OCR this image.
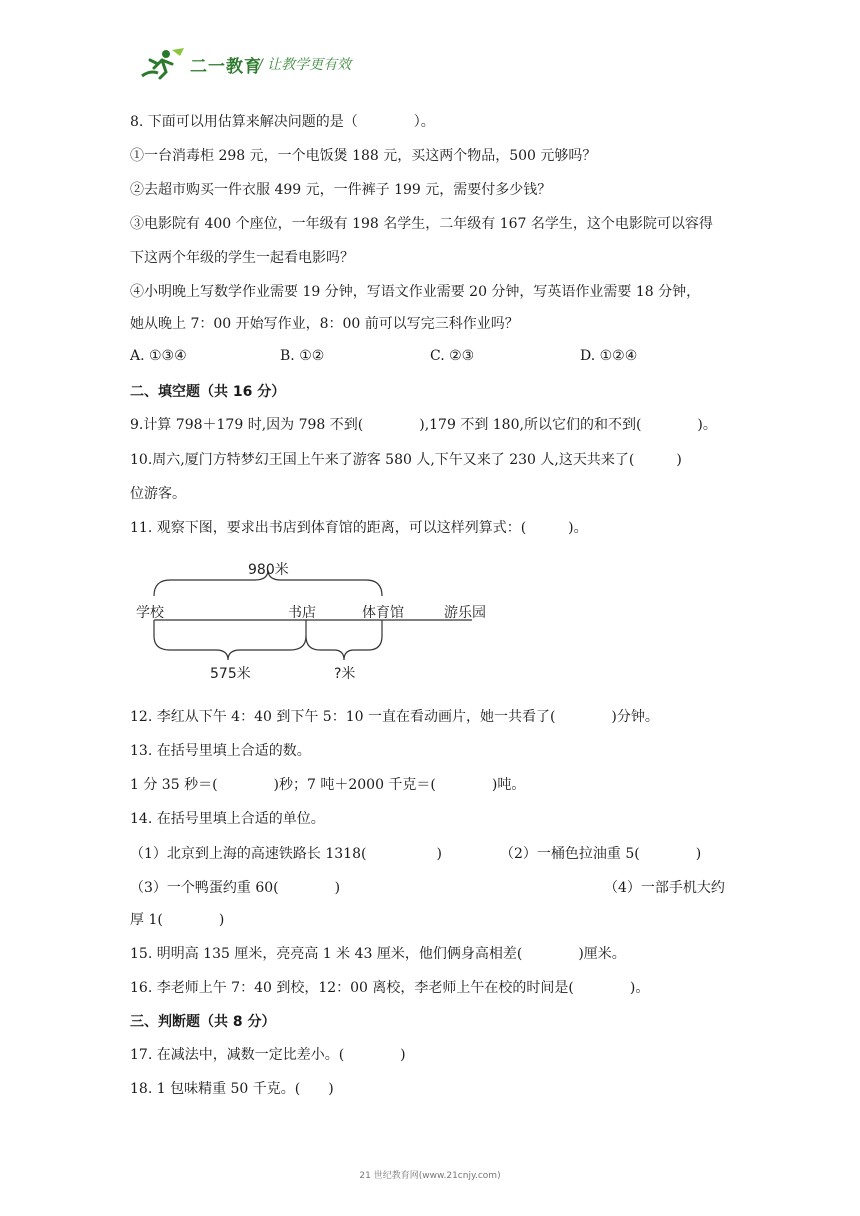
二一教育
/ 让教学更有效
8. 下面可以用估算来解决问题的是（　　　　）。
①一台消毒柜 298 元，一个电饭煲 188 元，买这两个物品，500 元够吗？
②去超市购买一件衣服 499 元，一件裤子 199 元，需要付多少钱？
③电影院有 400 个座位，一年级有 198 名学生，二年级有 167 名学生，这个电影院可以容得
下这两个年级的学生一起看电影吗？
④小明晚上写数学作业需要 19 分钟，写语文作业需要 20 分钟，写英语作业需要 18 分钟，
她从晚上 7：00 开始写作业，8：00 前可以写完三科作业吗？
A. ①③④	B. ①②	C. ②③	D. ①②④
二、填空题（共 16 分）
9.计算 798＋179 时,因为 798 不到(　　　　),179 不到 180,所以它们的和不到(　　　　)。
10.周六,厦门方特梦幻王国上午来了游客 580 人,下午又来了 230 人,这天共来了(　　　)
位游客。
11. 观察下图，要求出书店到体育馆的距离，可以这样列算式：(　　　)。
980米
学校	书店	体育馆	游乐园
575米	?米
12. 李红从下午 4：40 到下午 5：10 一直在看动画片，她一共看了(　　　　)分钟。
13. 在括号里填上合适的数。
1 分 35 秒＝(　　　　)秒；7 吨＋2000 千克＝(　　　　)吨。
14. 在括号里填上合适的单位。
（1）北京到上海的高速铁路长 1318(　　　　　)	（2）一桶色拉油重 5(　　　　)
（3）一个鸭蛋约重 60(　　　　)	（4）一部手机大约
厚 1(　　　　)
15. 明明高 135 厘米，亮亮高 1 米 43 厘米，他们俩身高相差(　　　　)厘米。
16. 李老师上午 7：40 到校，12：00 离校，李老师上午在校的时间是(　　　　)。
三、判断题（共 8 分）
17. 在减法中，减数一定比差小。(　　　　)
18. 1 包味精重 50 千克。(　　)
21 世纪教育网(www.21cnjy.com)
